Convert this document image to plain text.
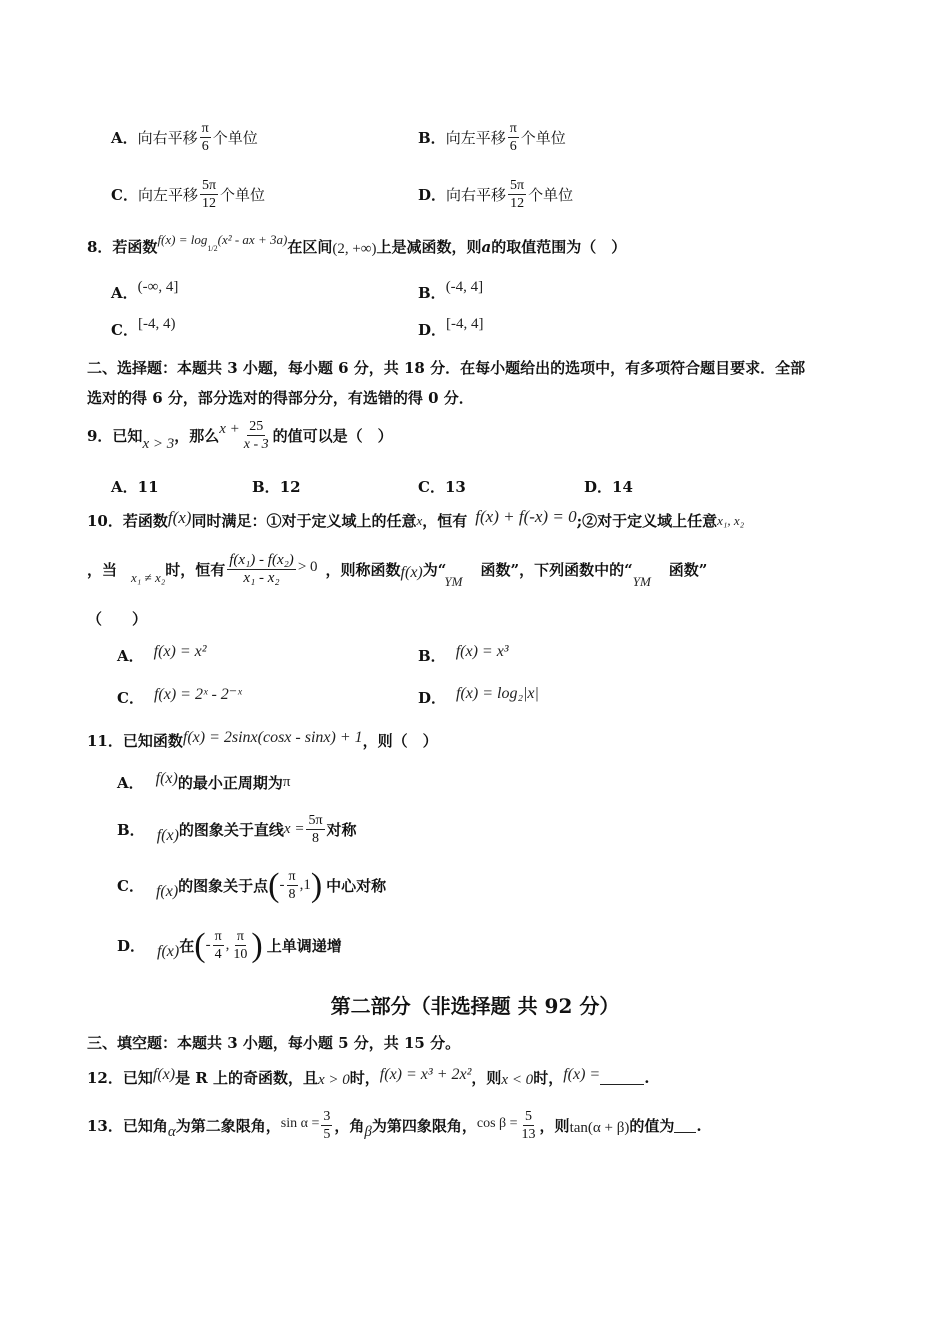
A． 向右平移 $\frac{\pi}{6}$ 个单位	B． 向左平移 $\frac{\pi}{6}$ 个单位
C． 向左平移 $\frac{5\pi}{12}$ 个单位	D． 向右平移 $\frac{5\pi}{12}$ 个单位
8．若函数 f(x) = log
1/2
(x² - ax + 3a) 在区间 (2, +∞) 上是减函数，则 a 的取值范围为（　）
A． (-∞, 4]	B． (-4, 4]
C． [-4, 4)	D． [-4, 4]
二、选择题：本题共 3 小题，每小题 6 分，共 18 分．在每小题给出的选项中，有多项符合题目要求．全部
选对的得 6 分，部分选对的得部分分，有选错的得 0 分．
9．已知 x > 3 ，那么 $x + \frac{25}{x - 3}$ 的值可以是（　）
A． 11	B． 12	C． 13	D． 14
10．若函数 f(x) 同时满足：①对于定义域上的任意 x ，恒有 f(x) + f(-x) = 0 ;②对于定义域上任意 x₁, x₂
，当 x₁ ≠ x₂ 时，恒有 $\frac{\text{f(x₁) - f(x₂)}}{\text{x₁ - x₂}} > 0$ ，则称函数 f(x) 为“
YM
函数”，下列函数中的“
YM
函数”
（　　）
A． f(x) = x²	B． f(x) = x³
C． f(x) = 2ˣ - 2⁻ˣ	D． f(x) = log₂|x|
11．已知函数 f(x) = 2sinx(cosx - sinx) + 1 ，则（　）
A． f(x) 的最小正周期为 π
B． f(x) 的图象关于直线 $x = \frac{5\pi}{8}$ 对称
C． f(x) 的图象关于点 ( - $\frac{\pi}{8} ,1$ ) 中心对称
D． f(x) 在 ( - $\frac{\pi}{4}$ , $\frac{\pi}{10}$ ) 上单调递增
第二部分（非选择题 共 92 分）
三、填空题：本题共 3 小题，每小题 5 分，共 15 分。
12．已知 f(x) 是 R 上的奇函数，且 x > 0 时， f(x) = x³ + 2x² ，则 x < 0 时， f(x) =	.
13．已知角 α 为第二象限角， $\sin \alpha = \frac{3}{5}$ ，角 β 为第四象限角， $\cos \beta = \frac{5}{13}$ ，则 tan(α + β) 的值为 .
